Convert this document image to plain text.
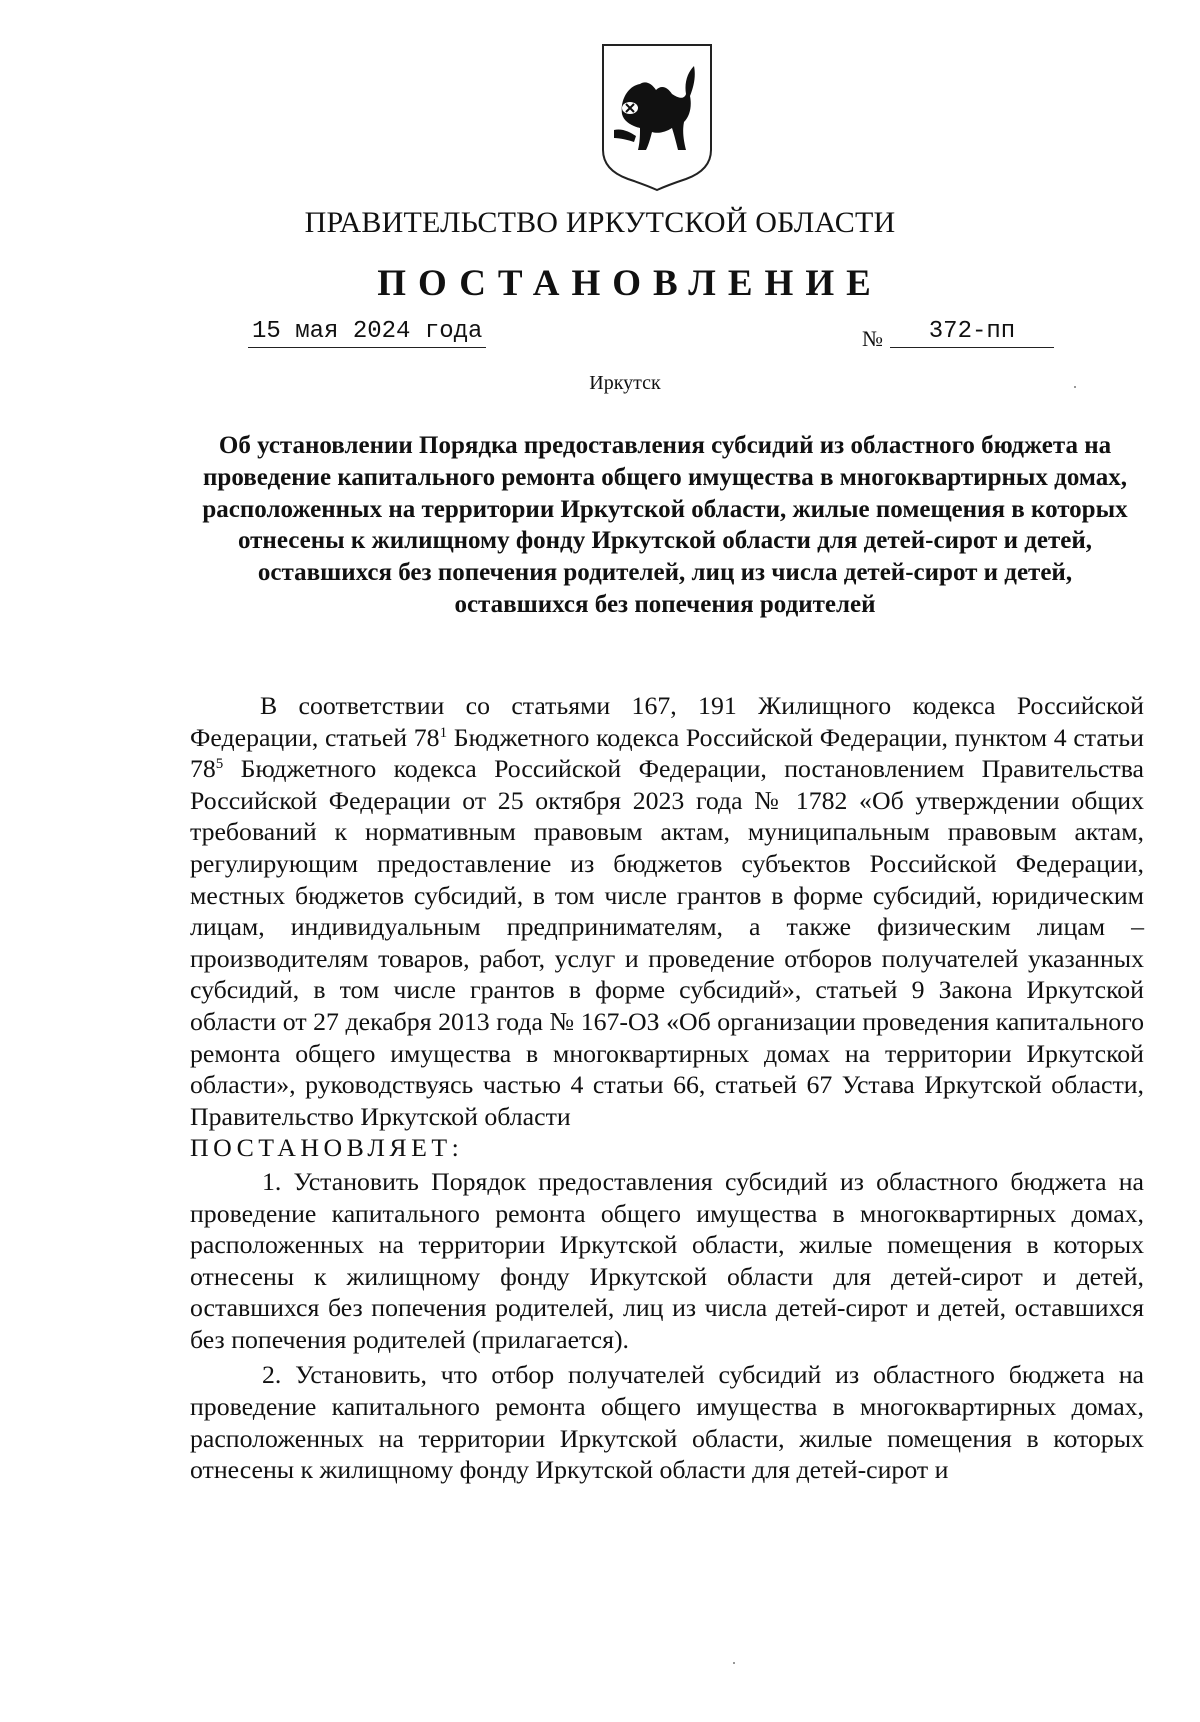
ПРАВИТЕЛЬСТВО ИРКУТСКОЙ ОБЛАСТИ
ПОСТАНОВЛЕНИЕ
15 мая 2024 года	№	372-пп
Иркутск
Об установлении Порядка предоставления субсидий из областного бюджета на проведение капитального ремонта общего имущества в многоквартирных домах, расположенных на территории Иркутской области, жилые помещения в которых отнесены к жилищному фонду Иркутской области для детей-сирот и детей, оставшихся без попечения родителей, лиц из числа детей-сирот и детей, оставшихся без попечения родителей

В соответствии со статьями 167, 191 Жилищного кодекса Российской Федерации, статьей $78^1$ Бюджетного кодекса Российской Федерации, пунктом 4 статьи $78^5$ Бюджетного кодекса Российской Федерации, постановлением Правительства Российской Федерации от 25 октября 2023 года № 1782 «Об утверждении общих требований к нормативным правовым актам, муниципальным правовым актам, регулирующим предоставление из бюджетов субъектов Российской Федерации, местных бюджетов субсидий, в том числе грантов в форме субсидий, юридическим лицам, индивидуальным предпринимателям, а также физическим лицам – производителям товаров, работ, услуг и проведение отборов получателей указанных субсидий, в том числе грантов в форме субсидий», статьей 9 Закона Иркутской области от 27 декабря 2013 года № 167-ОЗ «Об организации проведения капитального ремонта общего имущества в многоквартирных домах на территории Иркутской области», руководствуясь частью 4 статьи 66, статьей 67 Устава Иркутской области, Правительство Иркутской области

ПОСТАНОВЛЯЕТ:

1. Установить Порядок предоставления субсидий из областного бюджета на проведение капитального ремонта общего имущества в многоквартирных домах, расположенных на территории Иркутской области, жилые помещения в которых отнесены к жилищному фонду Иркутской области для детей-сирот и детей, оставшихся без попечения родителей, лиц из числа детей-сирот и детей, оставшихся без попечения родителей (прилагается).

2. Установить, что отбор получателей субсидий из областного бюджета на проведение капитального ремонта общего имущества в многоквартирных домах, расположенных на территории Иркутской области, жилые помещения в которых отнесены к жилищному фонду Иркутской области для детей-сирот и
